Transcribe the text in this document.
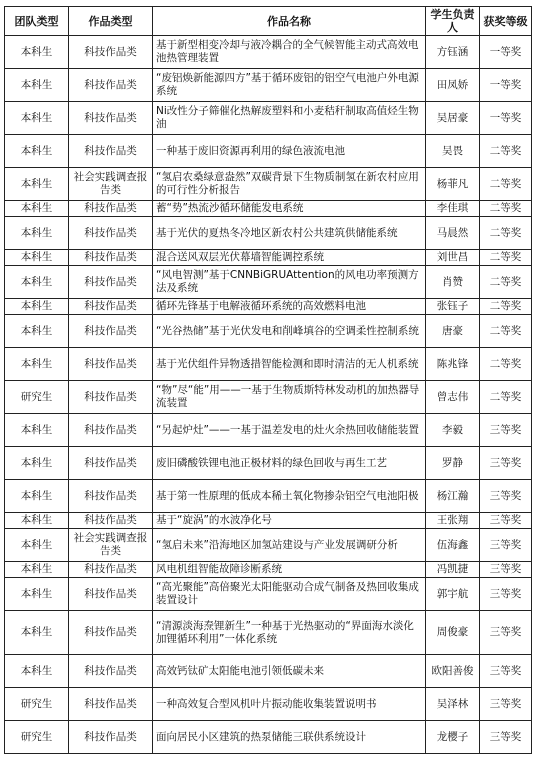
团队类型	作品类型	作品名称	学生负责人	获奖等级
本科生	科技作品类	基于新型相变冷却与液冷耦合的全气候智能主动式高效电池热管理装置	方钰涵	一等奖
本科生	科技作品类	“废铝焕新能源四方”基于循环废铝的铝空气电池户外电源系统	田凤娇	一等奖
本科生	科技作品类	Ni改性分子筛催化热解废塑料和小麦秸秆制取高值烃生物油	吴居豪	一等奖
本科生	科技作品类	一种基于废旧资源再利用的绿色液流电池	吴畏	二等奖
本科生	社会实践调查报告类	“氢启农桑绿意盎然”双碳背景下生物质制氢在新农村应用的可行性分析报告	杨菲凡	二等奖
本科生	科技作品类	蓄“势”热流沙循环储能发电系统	李佳琪	二等奖
本科生	科技作品类	基于光伏的夏热冬冷地区新农村公共建筑供储能系统	马晨然	二等奖
本科生	科技作品类	混合送风双层光伏幕墙智能调控系统	刘世昌	二等奖
本科生	科技作品类	“风电智测”基于CNNBiGRUAttention的风电功率预测方法及系统	肖赞	二等奖
本科生	科技作品类	循环先锋基于电解液循环系统的高效燃料电池	张钰子	二等奖
本科生	科技作品类	“光谷热储”基于光伏发电和削峰填谷的空调柔性控制系统	唐豪	二等奖
本科生	科技作品类	基于光伏组件异物透措智能检测和即时清洁的无人机系统	陈兆锋	二等奖
研究生	科技作品类	“物”尽“能”用——一基于生物质斯特林发动机的加热器导流装置	曾志伟	二等奖
本科生	科技作品类	“另起炉灶”——一基于温差发电的灶火余热回收储能装置	李毅	三等奖
本科生	科技作品类	废旧磷酸铁锂电池正极材料的绿色回收与再生工艺	罗静	三等奖
本科生	科技作品类	基于第一性原理的低成本稀土氧化物掺杂铝空气电池阳极	杨江瀚	三等奖
本科生	科技作品类	基于“旋涡”的水波净化号	王张翔	三等奖
本科生	社会实践调查报告类	“氢启未来”沿海地区加氢站建设与产业发展调研分析	伍海鑫	三等奖
本科生	科技作品类	风电机组智能故障诊断系统	冯凯捷	三等奖
本科生	科技作品类	“高光聚能”高倍聚光太阳能驱动合成气制备及热回收集成装置设计	郭宇航	三等奖
本科生	科技作品类	“清源淡海焘锂新生”一种基于光热驱动的“界面海水淡化加锂循环利用”一体化系统	周俊豪	三等奖
本科生	科技作品类	高效钙钛矿太阳能电池引领低碳未来	欧阳善俊	三等奖
研究生	科技作品类	一种高效复合型风机叶片振动能收集装置说明书	吴泽林	三等奖
研究生	科技作品类	面向居民小区建筑的热泵储能三联供系统设计	龙樱子	三等奖
